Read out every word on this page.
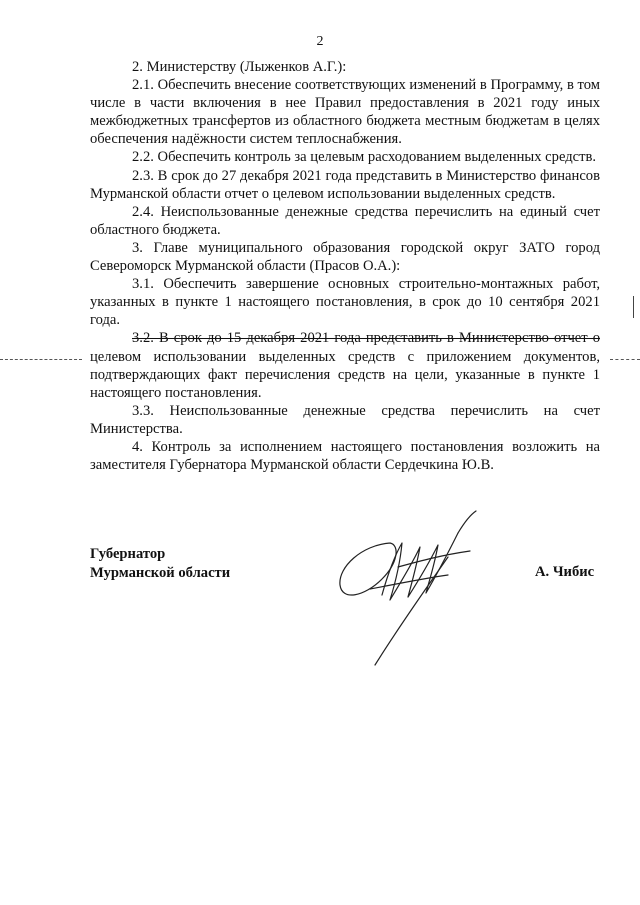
2

2. Министерству (Лыженков А.Г.):

2.1. Обеспечить внесение соответствующих изменений в Программу, в том числе в части включения в нее Правил предоставления в 2021 году иных межбюджетных трансфертов из областного бюджета местным бюджетам в целях обеспечения надёжности систем теплоснабжения.

2.2. Обеспечить контроль за целевым расходованием выделенных средств.

2.3. В срок до 27 декабря 2021 года представить в Министерство финансов Мурманской области отчет о целевом использовании выделенных средств.

2.4. Неиспользованные денежные средства перечислить на единый счет областного бюджета.

3. Главе муниципального образования городской округ ЗАТО город Североморск Мурманской области (Прасов О.А.):

3.1. Обеспечить завершение основных строительно-монтажных работ, указанных в пункте 1 настоящего постановления, в срок до 10 сентября 2021 года.

3.2. В срок до 15 декабря 2021 года представить в Министерство отчет о целевом использовании выделенных средств с приложением документов, подтверждающих факт перечисления средств на цели, указанные в пункте 1 настоящего постановления.

3.3. Неиспользованные денежные средства перечислить на счет Министерства.

4. Контроль за исполнением настоящего постановления возложить на заместителя Губернатора Мурманской области Сердечкина Ю.В.

Губернатор
Мурманской области	А. Чибис
